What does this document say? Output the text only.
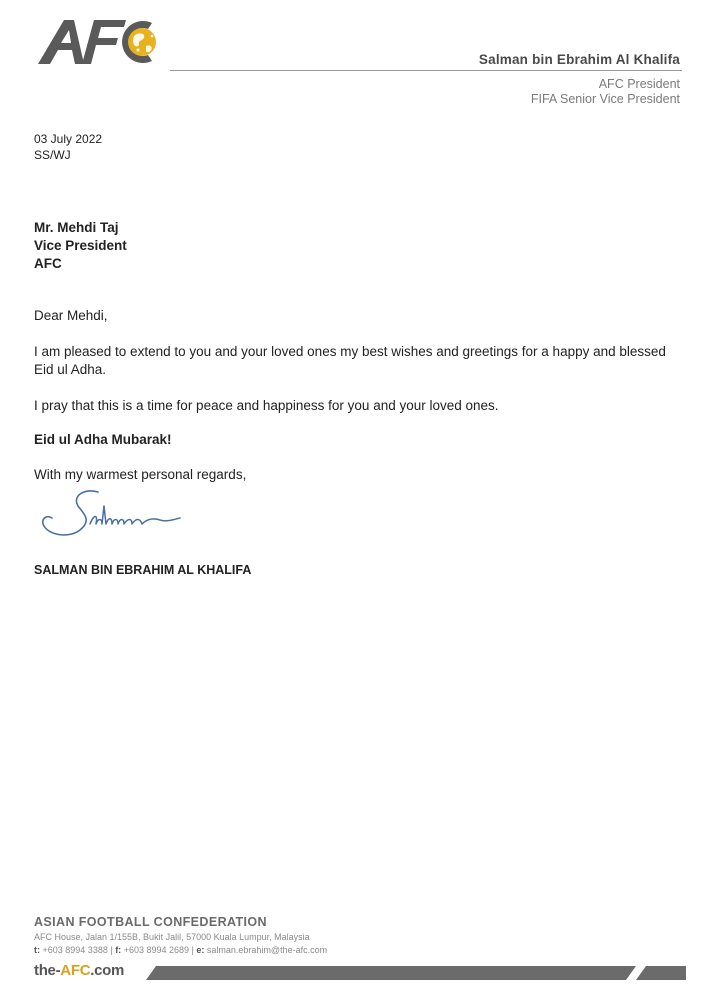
Salman bin Ebrahim Al Khalifa
AFC President
FIFA Senior Vice President
03 July 2022
SS/WJ
Mr. Mehdi Taj
Vice President
AFC
Dear Mehdi,
I am pleased to extend to you and your loved ones my best wishes and greetings for a happy and blessed Eid ul Adha.
I pray that this is a time for peace and happiness for you and your loved ones.
Eid ul Adha Mubarak!
With my warmest personal regards,
SALMAN BIN EBRAHIM AL KHALIFA
ASIAN FOOTBALL CONFEDERATION
AFC House, Jalan 1/155B, Bukit Jalil, 57000 Kuala Lumpur, Malaysia
t: +603 8994 3388 | f: +603 8994 2689 | e: salman.ebrahim@the-afc.com
the-AFC.com
